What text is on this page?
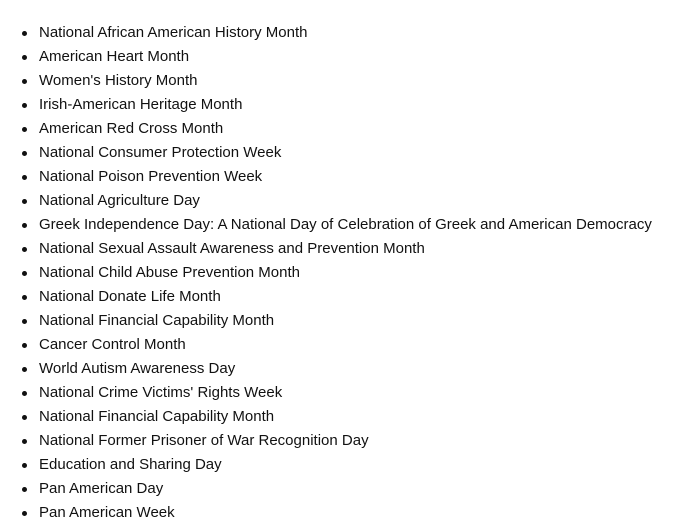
National African American History Month
American Heart Month
Women's History Month
Irish-American Heritage Month
American Red Cross Month
National Consumer Protection Week
National Poison Prevention Week
National Agriculture Day
Greek Independence Day: A National Day of Celebration of Greek and American Democracy
National Sexual Assault Awareness and Prevention Month
National Child Abuse Prevention Month
National Donate Life Month
National Financial Capability Month
Cancer Control Month
World Autism Awareness Day
National Crime Victims' Rights Week
National Financial Capability Month
National Former Prisoner of War Recognition Day
Education and Sharing Day
Pan American Day
Pan American Week
